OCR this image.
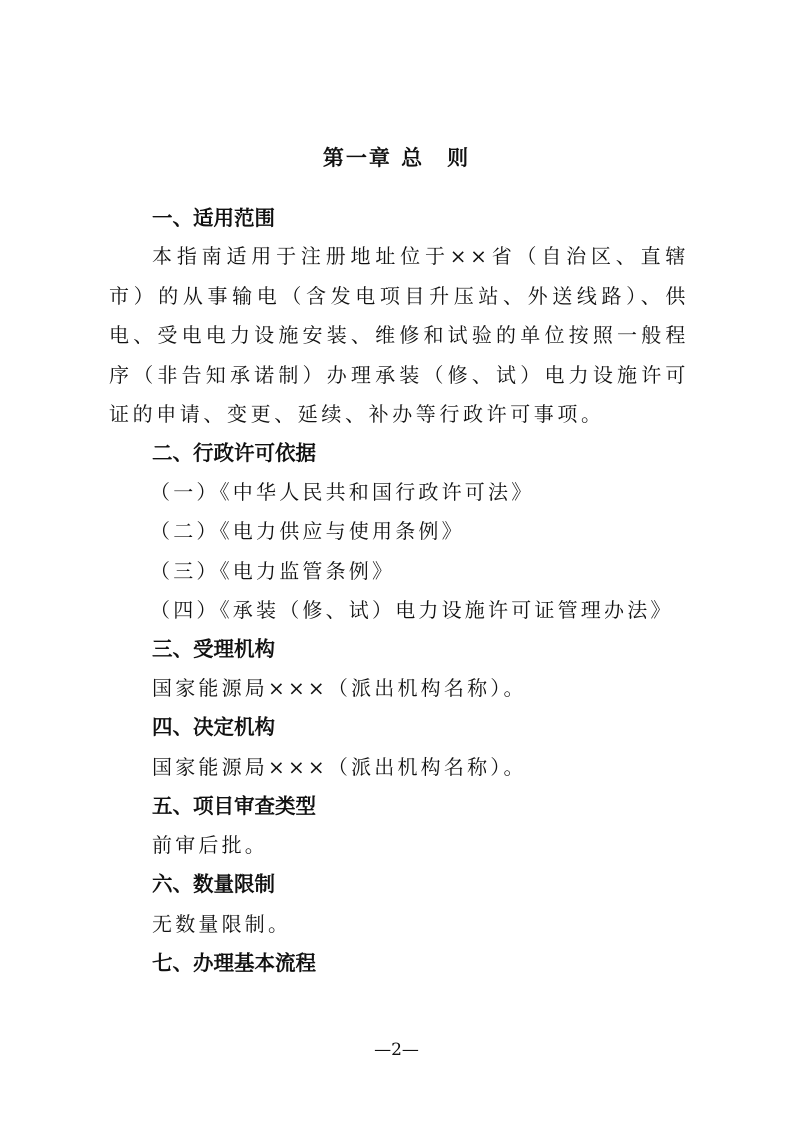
第一章 总　则
一、适用范围

本指南适用于注册地址位于××省（自治区、直辖市）的从事输电（含发电项目升压站、外送线路）、供电、受电电力设施安装、维修和试验的单位按照一般程序（非告知承诺制）办理承装（修、试）电力设施许可证的申请、变更、延续、补办等行政许可事项。

二、行政许可依据

（一）《中华人民共和国行政许可法》

（二）《电力供应与使用条例》

（三）《电力监管条例》

（四）《承装（修、试）电力设施许可证管理办法》

三、受理机构

国家能源局×××（派出机构名称）。

四、决定机构

国家能源局×××（派出机构名称）。

五、项目审查类型

前审后批。

六、数量限制

无数量限制。

七、办理基本流程

—2—
